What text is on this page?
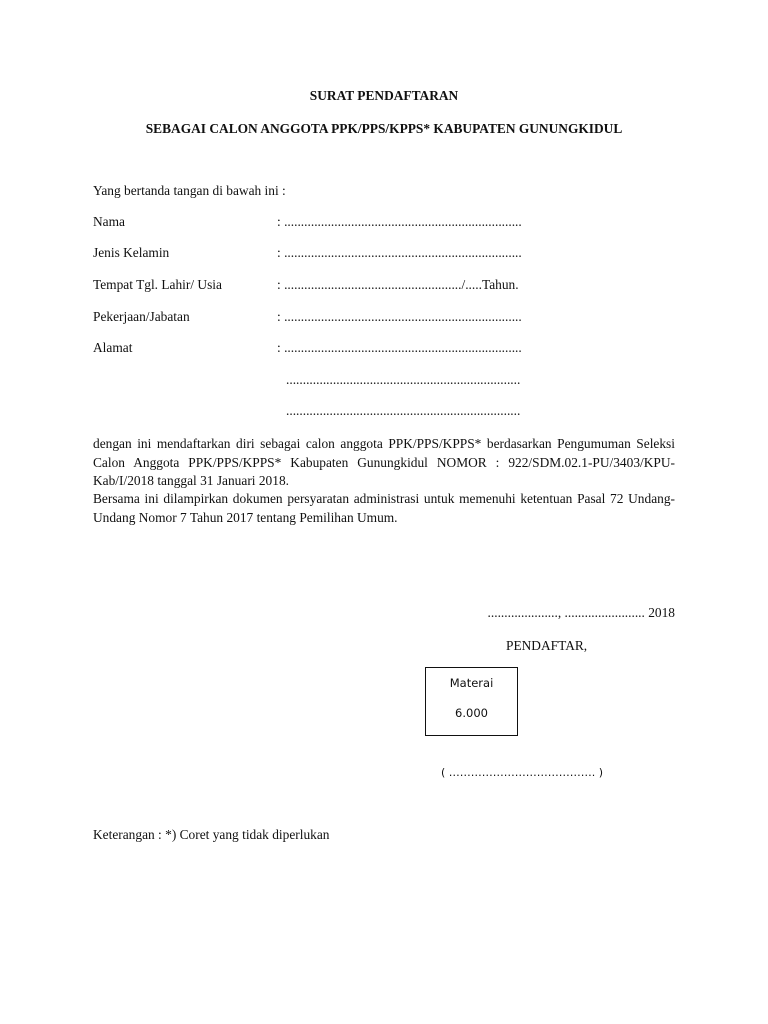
SURAT PENDAFTARAN
SEBAGAI CALON ANGGOTA PPK/PPS/KPPS* KABUPATEN GUNUNGKIDUL
Yang bertanda tangan di bawah ini :
Nama	: .......................................................................
Jenis Kelamin	: .......................................................................
Tempat Tgl. Lahir/ Usia	: ...................................................../.....Tahun.
Pekerjaan/Jabatan	: .......................................................................
Alamat	: .......................................................................
......................................................................
......................................................................
dengan ini mendaftarkan diri sebagai calon anggota PPK/PPS/KPPS* berdasarkan Pengumuman Seleksi Calon Anggota PPK/PPS/KPPS* Kabupaten Gunungkidul NOMOR : 922/SDM.02.1-PU/3403/KPU-Kab/I/2018 tanggal 31 Januari 2018.
Bersama ini dilampirkan dokumen persyaratan administrasi untuk memenuhi ketentuan Pasal 72 Undang-Undang Nomor 7 Tahun 2017 tentang Pemilihan Umum.
....................., ........................ 2018
PENDAFTAR,
Materai
6.000
( …………………………………. )
Keterangan : *) Coret yang tidak diperlukan
